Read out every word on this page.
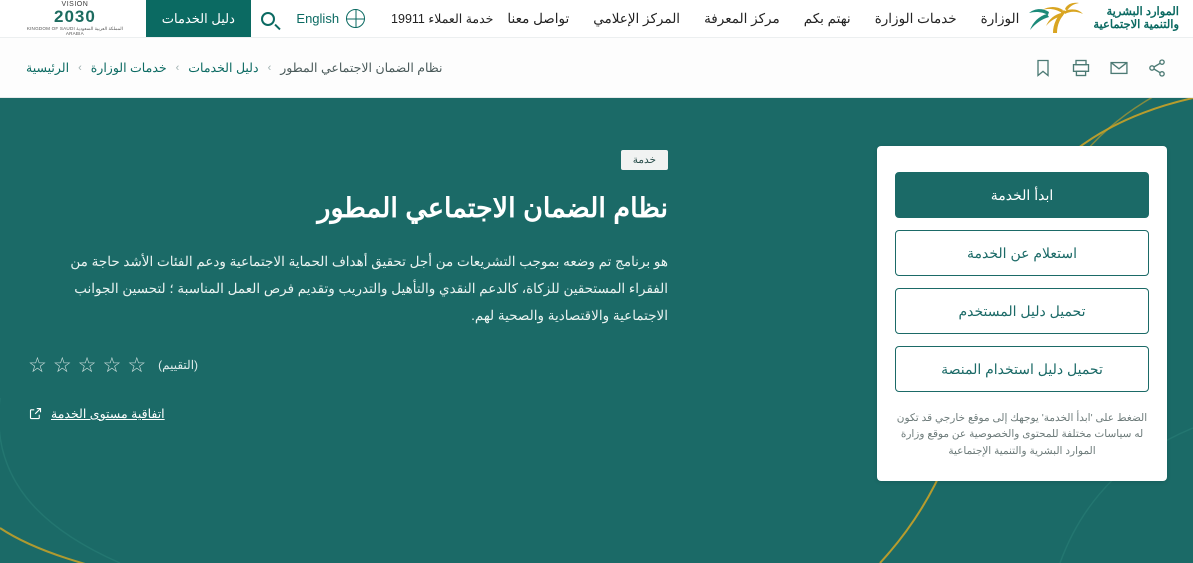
الموارد البشرية
والتنمية الاجتماعية
الوزارة
خدمات الوزارة
نهتم بكم
مركز المعرفة
المركز الإعلامي
تواصل معنا
خدمة العملاء 19911
English
دليل الخدمات
VISION
2030
المملكة العربية السعودية KINGDOM OF SAUDI ARABIA
نظام الضمان الاجتماعي المطور
›
دليل الخدمات
›
خدمات الوزارة
›
الرئيسية
ابدأ الخدمة
استعلام عن الخدمة
تحميل دليل المستخدم
تحميل دليل استخدام المنصة
الضغط على 'ابدأ الخدمة' يوجهك إلى موقع خارجي قد تكون له سياسات مختلفة للمحتوى والخصوصية عن موقع وزارة الموارد البشرية والتنمية الإجتماعية
خدمة
نظام الضمان الاجتماعي المطور

هو برنامج تم وضعه بموجب التشريعات من أجل تحقيق أهداف الحماية الاجتماعية ودعم الفئات الأشد حاجة من الفقراء المستحقين للزكاة، كالدعم النقدي والتأهيل والتدريب وتقديم فرص العمل المناسبة ؛ لتحسين الجوانب الاجتماعية والاقتصادية والصحية لهم.

☆
☆
☆
☆
☆	(التقييم)
اتفاقية مستوى الخدمة
